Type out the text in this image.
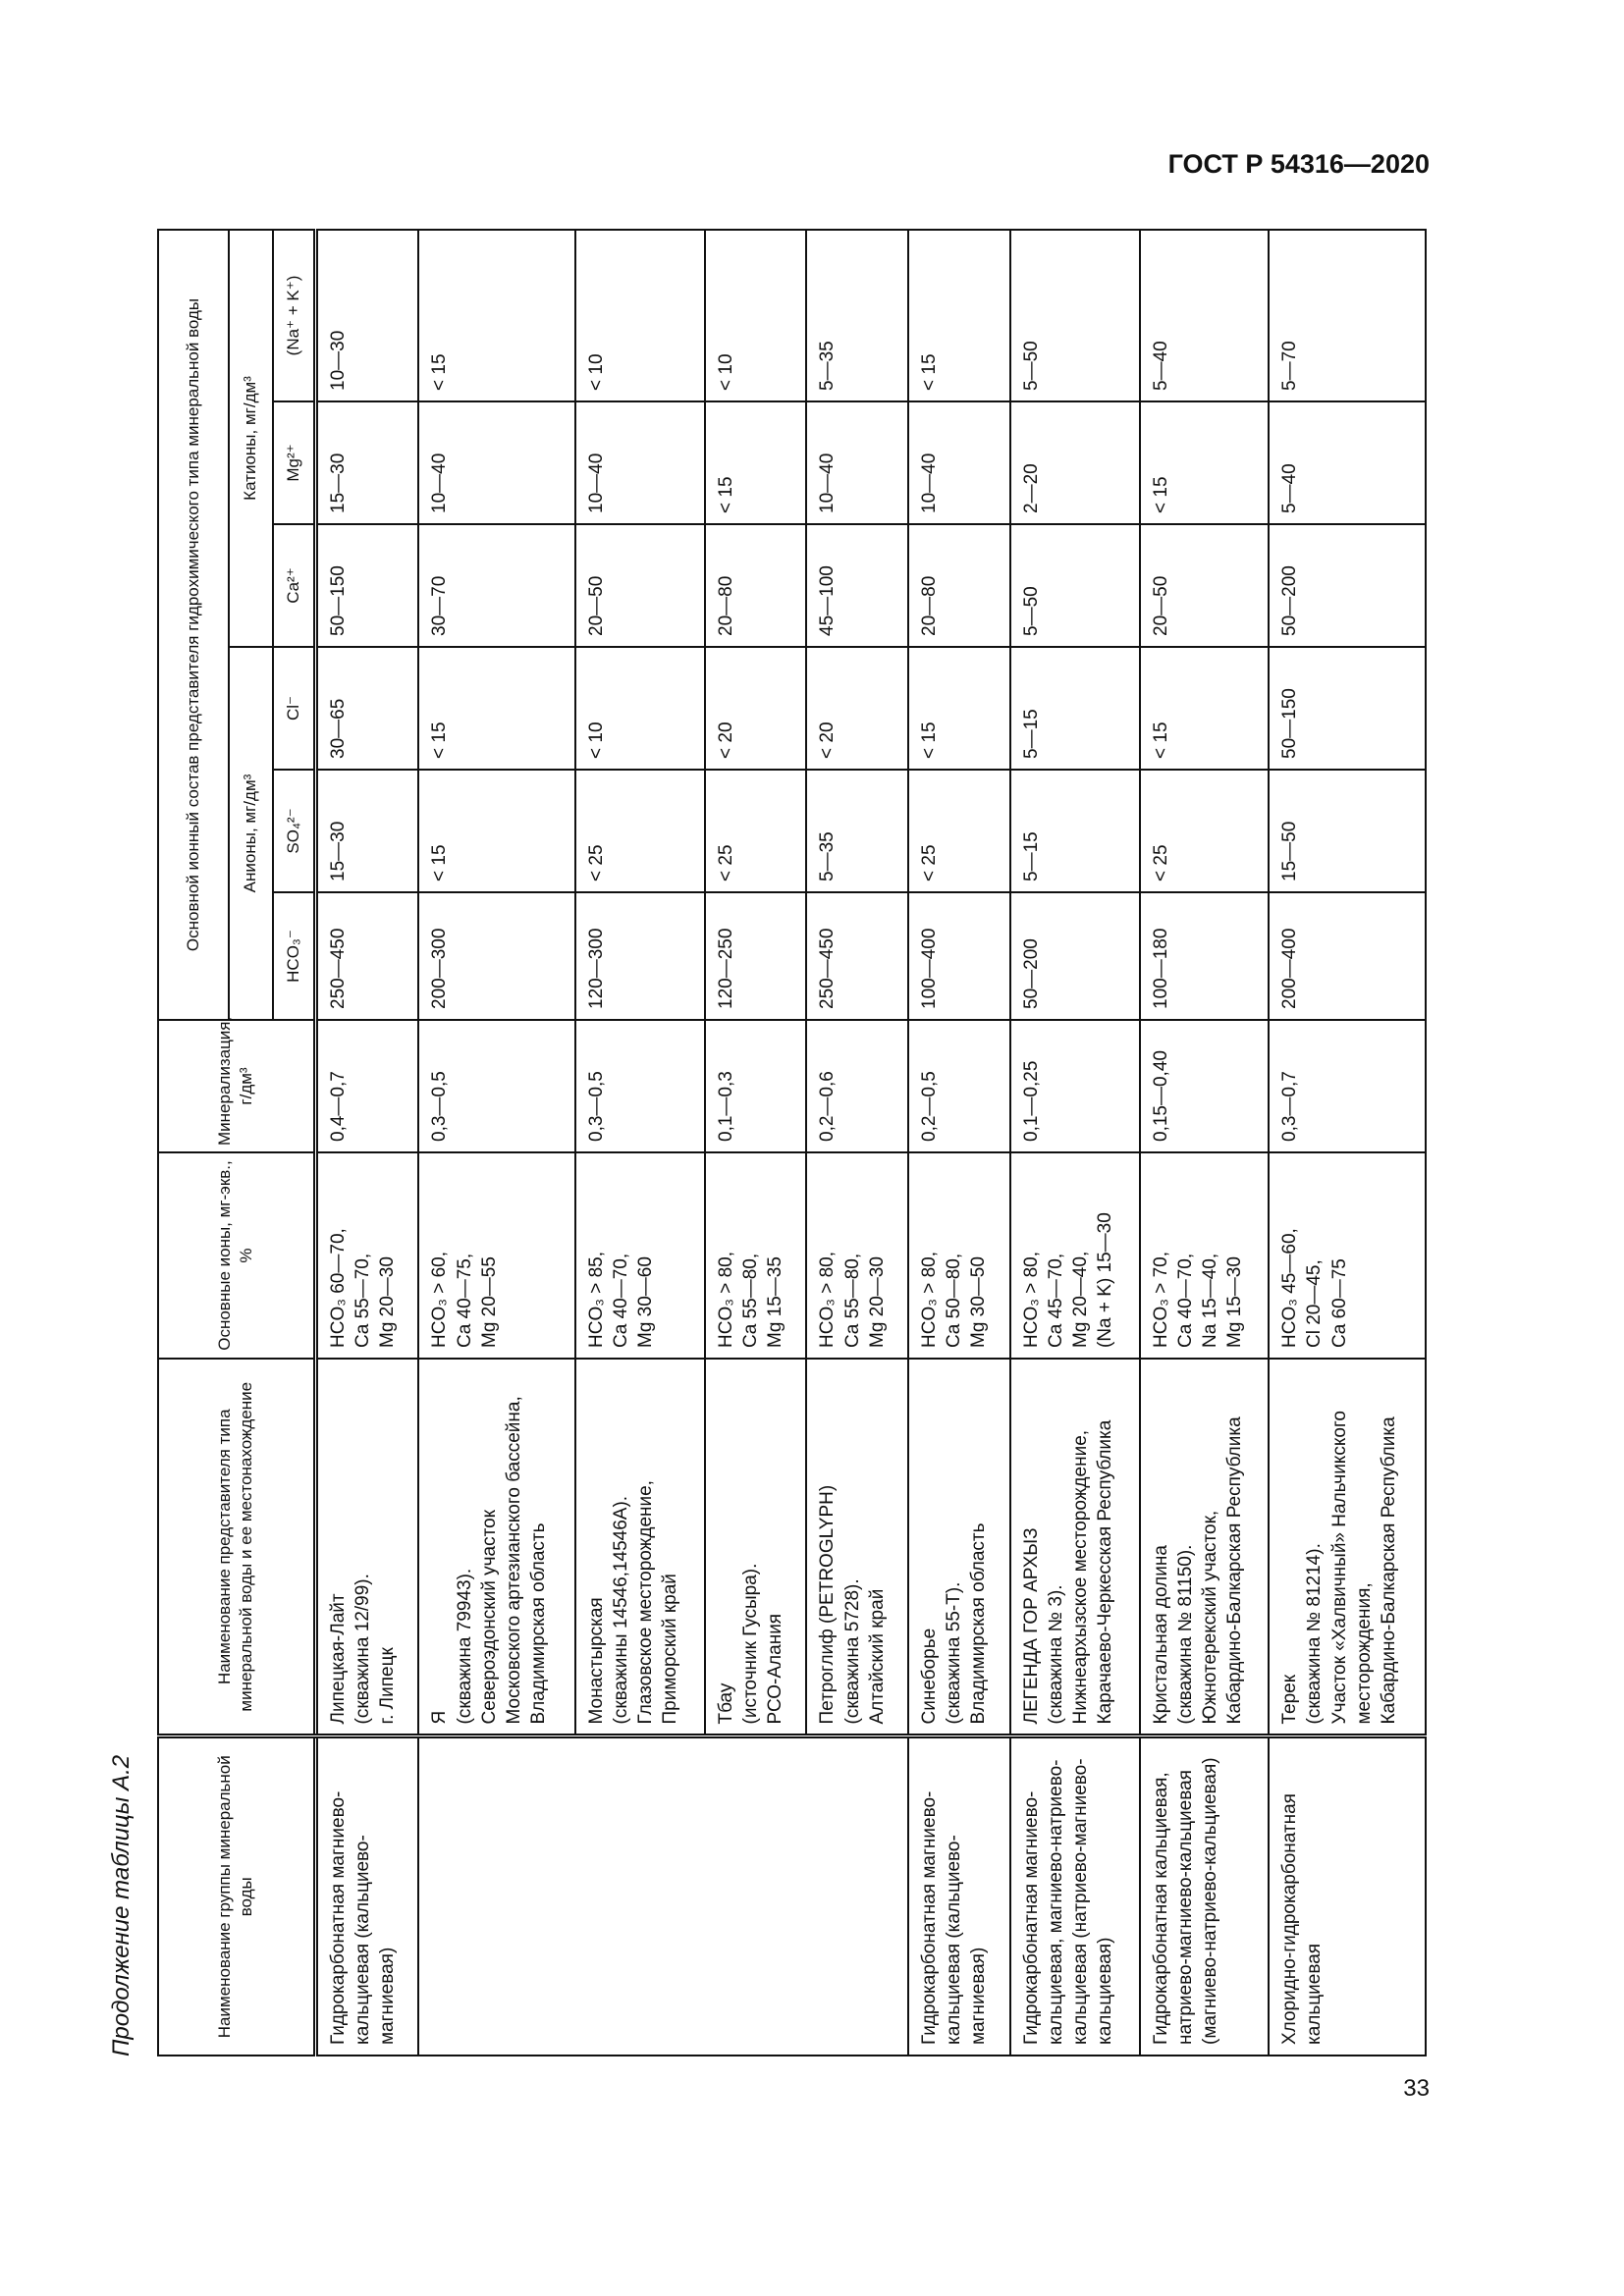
ГОСТ Р 54316—2020
Продолжение таблицы А.2
33
Наименование группы минеральной воды	Наименование представителя типа минеральной воды и ее местонахождение	Основные ионы, мг-экв., %	Минерализация, г/дм³	Основной ионный состав представителя гидрохимического типа минеральной воды					
				Анионы, мг/дм³			Катионы, мг/дм³		
				HCO₃⁻	SO₄²⁻	Cl⁻	Ca²⁺	Mg²⁺	(Na⁺ + K⁺)
Гидрокарбонатная магниево-кальциевая (кальциево-магниевая)	Липецкая-Лайт
(скважина 12/99).
г. Липецк	HCO₃ 60—70,
Ca 55—70,
Mg 20—30	0,4—0,7	250—450	15—30	30—65	50—150	15—30	10—30
	Я
(скважина 79943).
Североэдонский участок
Московского артезианского бассейна,
Владимирская область	HCO₃ > 60,
Ca 40—75,
Mg 20—55	0,3—0,5	200—300	< 15	< 15	30—70	10—40	< 15
	Монастырская
(скважины 14546,14546А).
Глазовское месторождение,
Приморский край	HCO₃ > 85,
Ca 40—70,
Mg 30—60	0,3—0,5	120—300	< 25	< 10	20—50	10—40	< 10
	Тбау
(источник Гусыра).
РСО-Алания	HCO₃ > 80,
Ca 55—80,
Mg 15—35	0,1—0,3	120—250	< 25	< 20	20—80	< 15	< 10
	Петроглиф (PETROGLYPH)
(скважина 5728).
Алтайский край	HCO₃ > 80,
Ca 55—80,
Mg 20—30	0,2—0,6	250—450	5—35	< 20	45—100	10—40	5—35
Гидрокарбонатная магниево-кальциевая (кальциево-магниевая)	Синеборье
(скважина 55-Т).
Владимирская область	HCO₃ > 80,
Ca 50—80,
Mg 30—50	0,2—0,5	100—400	< 25	< 15	20—80	10—40	< 15
Гидрокарбонатная магниево-кальциевая, магниево-натриево-кальциевая (натриево-магниево-кальциевая)	ЛЕГЕНДА ГОР АРХЫЗ
(скважина № 3).
Нижнеархызское месторождение,
Карачаево-Черкесская Республика	HCO₃ > 80,
Ca 45—70,
Mg 20—40,
(Na + K) 15—30	0,1—0,25	50—200	5—15	5—15	5—50	2—20	5—50
Гидрокарбонатная кальциевая, натриево-магниево-кальциевая (магниево-натриево-кальциевая)	Кристальная долина
(скважина № 81150).
Южнотерекский участок,
Кабардино-Балкарская Республика	HCO₃ > 70,
Ca 40—70,
Na 15—40,
Mg 15—30	0,15—0,40	100—180	< 25	< 15	20—50	< 15	5—40
Хлоридно-гидрокарбонатная кальциевая	Терек
(скважина № 81214).
Участок «Халвичный» Нальчикского месторождения,
Кабардино-Балкарская Республика	HCO₃ 45—60,
Cl 20—45,
Ca 60—75	0,3—0,7	200—400	15—50	50—150	50—200	5—40	5—70
